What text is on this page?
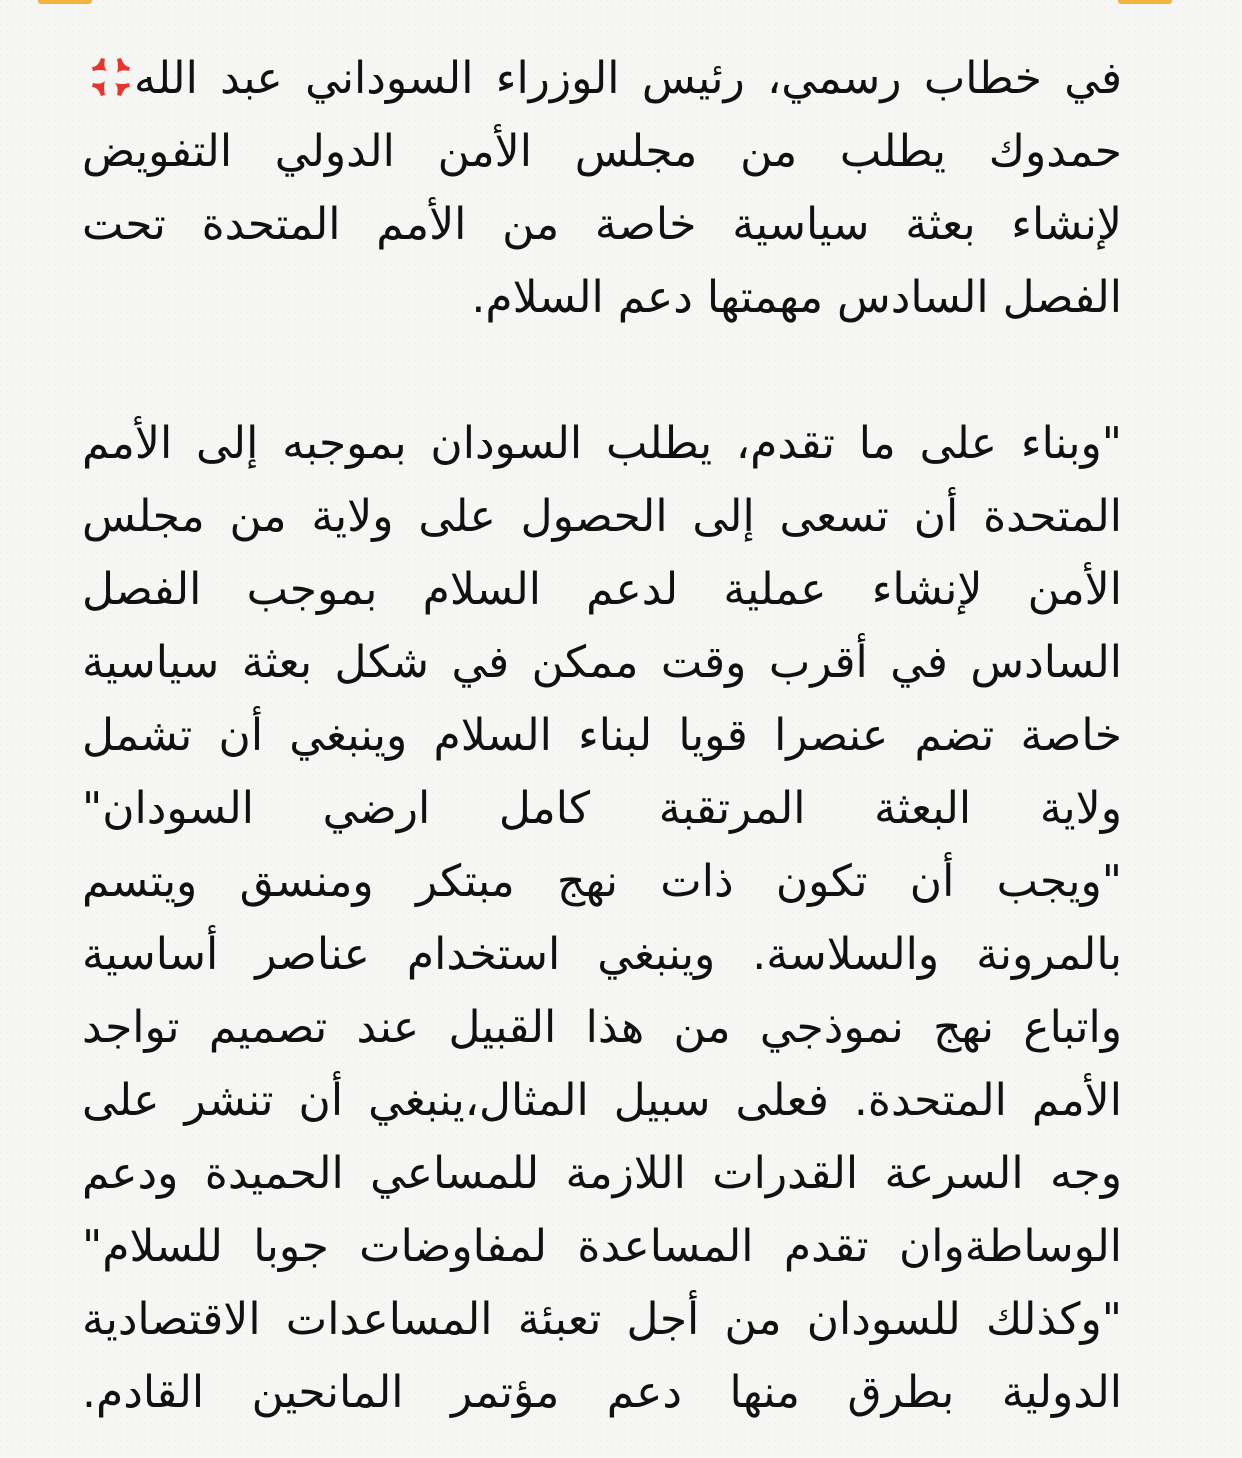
في خطاب رسمي، رئيس الوزراء السوداني عبد الله
حمدوك يطلب من مجلس الأمن الدولي التفويض
لإنشاء بعثة سياسية خاصة من الأمم المتحدة تحت
الفصل السادس مهمتها دعم السلام.
"وبناء على ما تقدم، يطلب السودان بموجبه إلى الأمم
المتحدة أن تسعى إلى الحصول على ولاية من مجلس
الأمن لإنشاء عملية لدعم السلام بموجب الفصل
السادس في أقرب وقت ممكن في شكل بعثة سياسية
خاصة تضم عنصرا قويا لبناء السلام وينبغي أن تشمل
ولاية البعثة المرتقبة كامل ارضي السودان"
"ويجب أن تكون ذات نهج مبتكر ومنسق ويتسم
بالمرونة والسلاسة. وينبغي استخدام عناصر أساسية
واتباع نهج نموذجي من هذا القبيل عند تصميم تواجد
الأمم المتحدة. فعلى سبيل المثال،ينبغي أن تنشر على
وجه السرعة القدرات اللازمة للمساعي الحميدة ودعم
الوساطةوان تقدم المساعدة لمفاوضات جوبا للسلام"
"وكذلك للسودان من أجل تعبئة المساعدات الاقتصادية
الدولية بطرق منها دعم مؤتمر المانحين القادم.
